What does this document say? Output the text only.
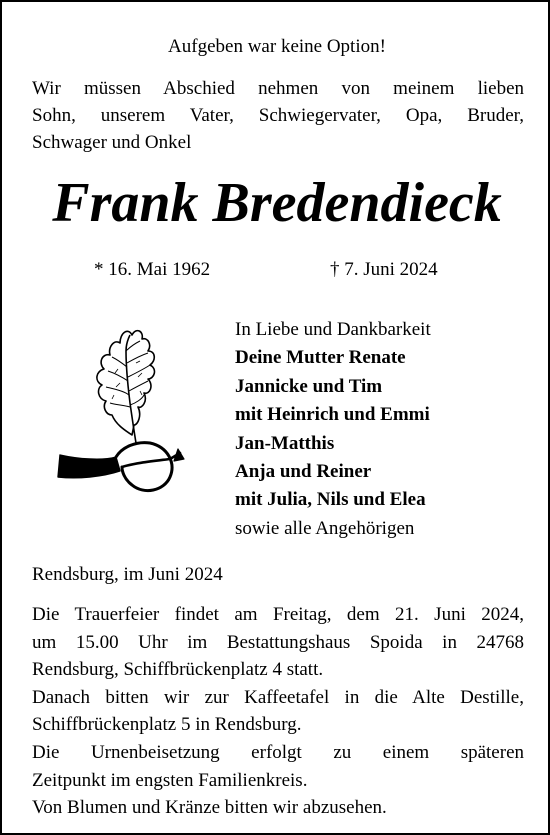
Aufgeben war keine Option!

Wir müssen Abschied nehmen von meinem lieben
Sohn, unserem Vater, Schwiegervater, Opa, Bruder,
Schwager und Onkel

Frank Bredendieck
* 16. Mai 1962	† 7. Juni 2024
In Liebe und Dankbarkeit
Deine Mutter Renate
Jannicke und Tim
mit Heinrich und Emmi
Jan-Matthis
Anja und Reiner
mit Julia, Nils und Elea
sowie alle Angehörigen

Rendsburg, im Juni 2024

Die Trauerfeier findet am Freitag, dem 21. Juni 2024,
um 15.00 Uhr im Bestattungshaus Spoida in 24768
Rendsburg, Schiffbrückenplatz 4 statt.
Danach bitten wir zur Kaffeetafel in die Alte Destille,
Schiffbrückenplatz 5 in Rendsburg.
Die Urnenbeisetzung erfolgt zu einem späteren
Zeitpunkt im engsten Familienkreis.
Von Blumen und Kränze bitten wir abzusehen.
